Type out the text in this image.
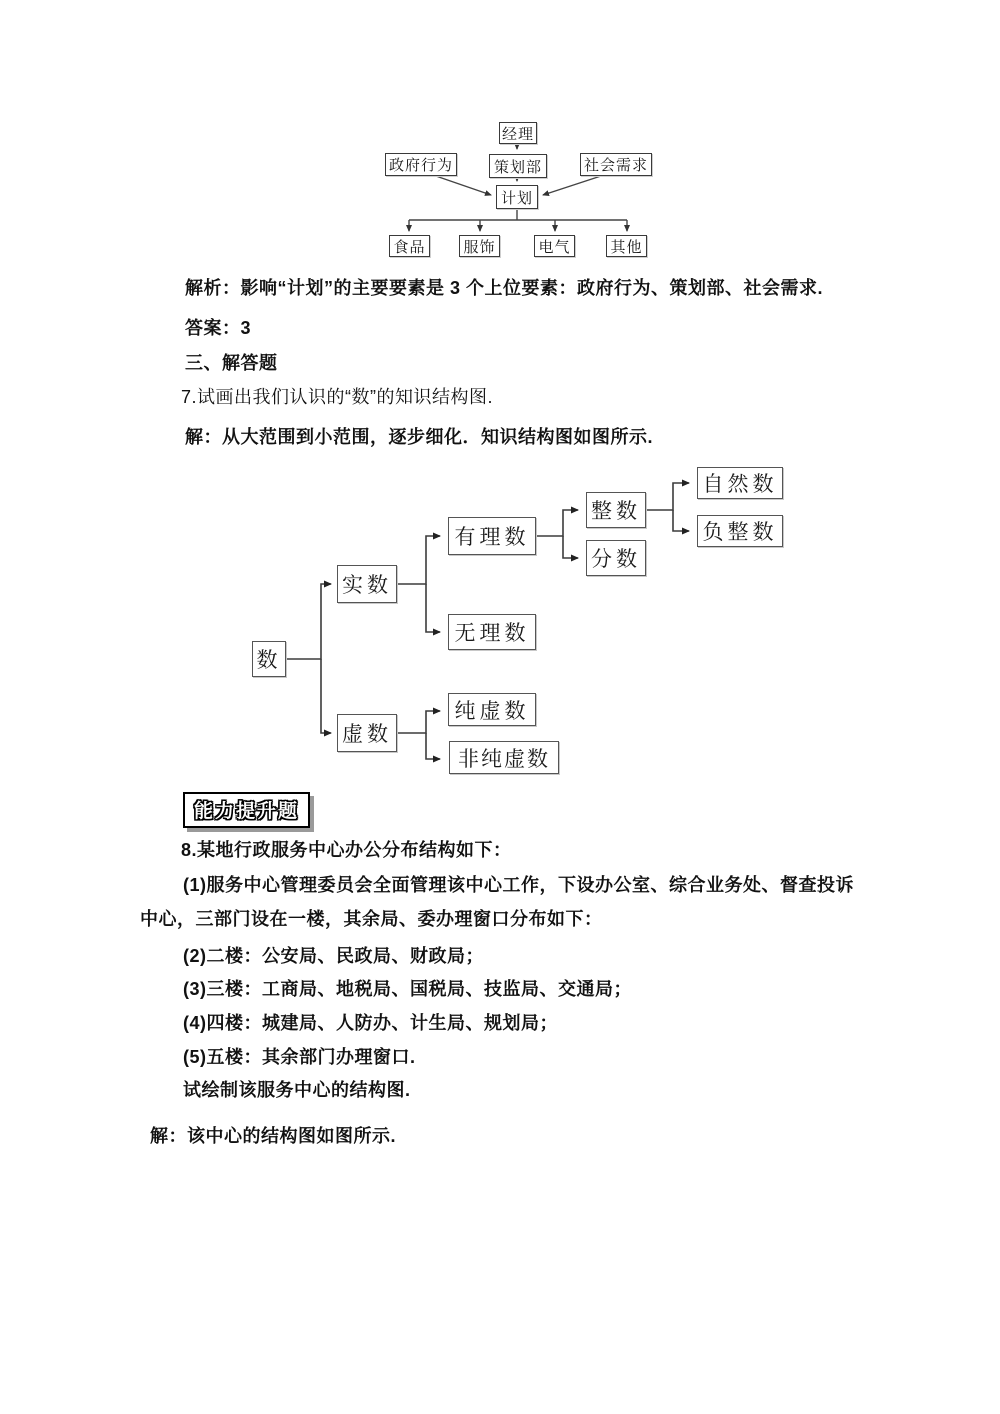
经理
政府行为	策划部	社会需求
计划
食品	服饰	电气	其他
解析：影响“计划”的主要要素是 3 个上位要素：政府行为、策划部、社会需求.
答案：3
三、解答题
7.试画出我们认识的“数”的知识结构图.
解：从大范围到小范围，逐步细化．知识结构图如图所示.
数
实数
虚数
有理数
无理数
整数
分数
自然数
负整数
纯虚数
非纯虚数
能力提升题
8.某地行政服务中心办公分布结构如下：
(1)服务中心管理委员会全面管理该中心工作，下设办公室、综合业务处、督查投诉中心，三部门设在一楼，其余局、委办理窗口分布如下：
(2)二楼：公安局、民政局、财政局；
(3)三楼：工商局、地税局、国税局、技监局、交通局；
(4)四楼：城建局、人防办、计生局、规划局；
(5)五楼：其余部门办理窗口.
试绘制该服务中心的结构图.
解：该中心的结构图如图所示.
